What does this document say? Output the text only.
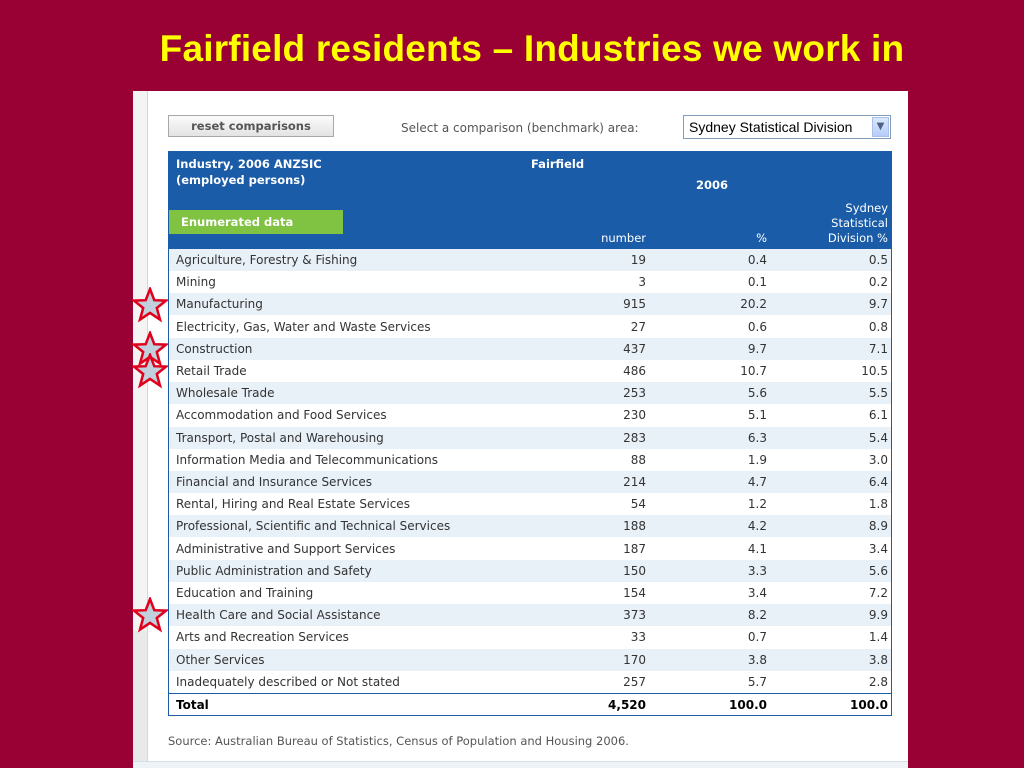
Fairfield residents – Industries we work in
reset comparisons	Select a comparison (benchmark) area:	Sydney Statistical Division	▼
Industry, 2006 ANZSIC
(employed persons)
Fairfield
2006
Enumerated data
number	%
Sydney
Statistical
Division %
Agriculture, Forestry & Fishing	19	0.4	0.5
Mining	3	0.1	0.2
Manufacturing	915	20.2	9.7
Electricity, Gas, Water and Waste Services	27	0.6	0.8
Construction	437	9.7	7.1
Retail Trade	486	10.7	10.5
Wholesale Trade	253	5.6	5.5
Accommodation and Food Services	230	5.1	6.1
Transport, Postal and Warehousing	283	6.3	5.4
Information Media and Telecommunications	88	1.9	3.0
Financial and Insurance Services	214	4.7	6.4
Rental, Hiring and Real Estate Services	54	1.2	1.8
Professional, Scientific and Technical Services	188	4.2	8.9
Administrative and Support Services	187	4.1	3.4
Public Administration and Safety	150	3.3	5.6
Education and Training	154	3.4	7.2
Health Care and Social Assistance	373	8.2	9.9
Arts and Recreation Services	33	0.7	1.4
Other Services	170	3.8	3.8
Inadequately described or Not stated	257	5.7	2.8
Total	4,520	100.0	100.0
Source: Australian Bureau of Statistics, Census of Population and Housing 2006.
